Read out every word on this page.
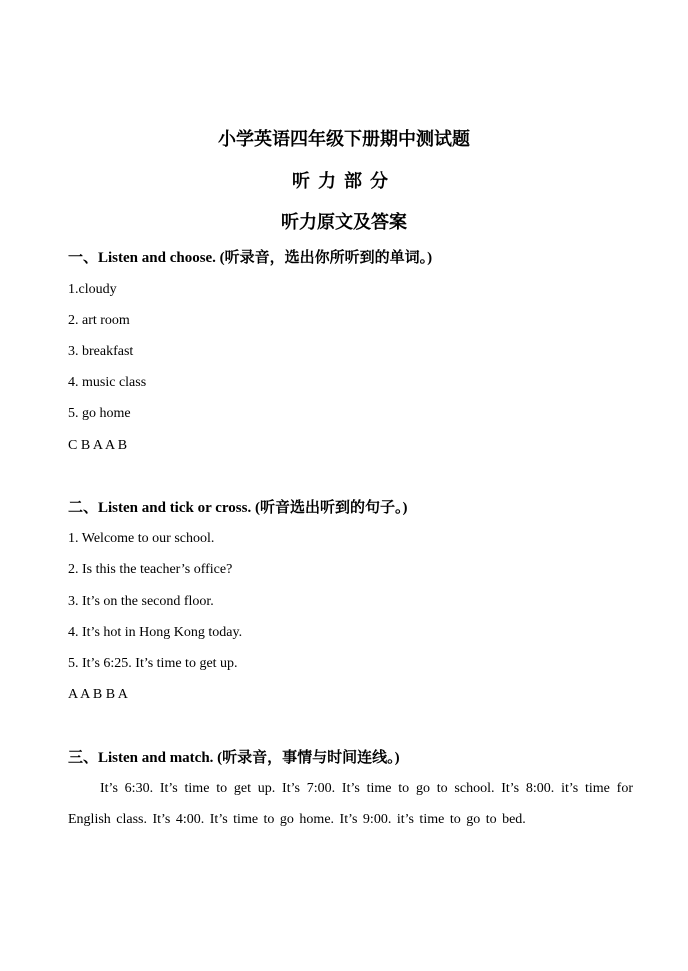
小学英语四年级下册期中测试题
听力部分
听力原文及答案
一、Listen and choose. (听录音，选出你所听到的单词。)
1.cloudy
2. art room
3. breakfast
4. music class
5. go home
C B A A B
二、Listen and tick or cross. (听音选出听到的句子。)
1. Welcome to our school.
2. Is this the teacher’s office?
3. It’s on the second floor.
4. It’s hot in Hong Kong today.
5. It’s 6:25. It’s time to get up.
A A B B A
三、Listen and match. (听录音，事情与时间连线。)
It’s 6:30. It’s time to get up. It’s 7:00. It’s time to go to school. It’s 8:00. it’s time for English class. It’s 4:00. It’s time to go home. It’s 9:00. it’s time to go to bed.
